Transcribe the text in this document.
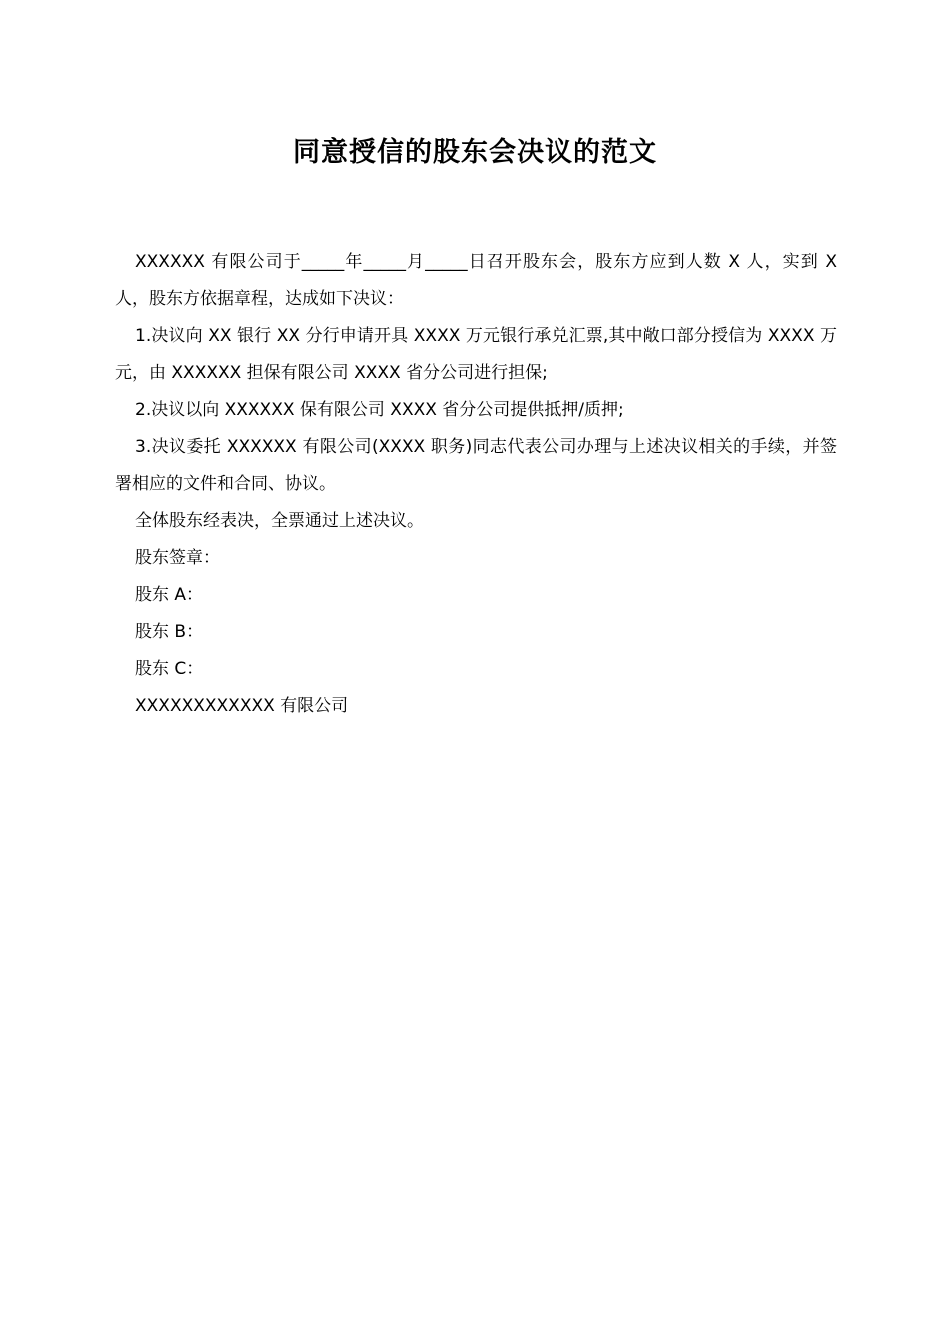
同意授信的股东会决议的范文

XXXXXX 有限公司于_____年_____月_____日召开股东会，股东方应到人数 X 人，实到 X 人，股东方依据章程，达成如下决议：

1.决议向 XX 银行 XX 分行申请开具 XXXX 万元银行承兑汇票,其中敞口部分授信为 XXXX 万元，由 XXXXXX 担保有限公司 XXXX 省分公司进行担保;

2.决议以向 XXXXXX 保有限公司 XXXX 省分公司提供抵押/质押;

3.决议委托 XXXXXX 有限公司(XXXX 职务)同志代表公司办理与上述决议相关的手续，并签署相应的文件和合同、协议。

全体股东经表决，全票通过上述决议。

股东签章：

股东 A：

股东 B：

股东 C：

XXXXXXXXXXXX 有限公司
